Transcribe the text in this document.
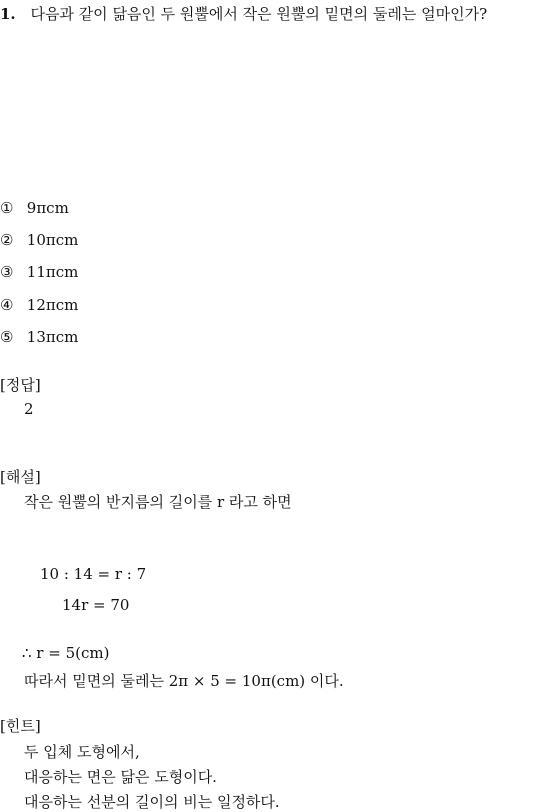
1. 다음과 같이 닮음인 두 원뿔에서 작은 원뿔의 밑면의 둘레는 얼마인가?
① 9πcm
② 10πcm
③ 11πcm
④ 12πcm
⑤ 13πcm
[정답]
2
[해설]
작은 원뿔의 반지름의 길이를 r 라고 하면
10 : 14 = r : 7
14r = 70
∴ r = 5(cm)
따라서 밑면의 둘레는 2π × 5 = 10π(cm) 이다.
[힌트]
두 입체 도형에서,
대응하는 면은 닮은 도형이다.
대응하는 선분의 길이의 비는 일정하다.
